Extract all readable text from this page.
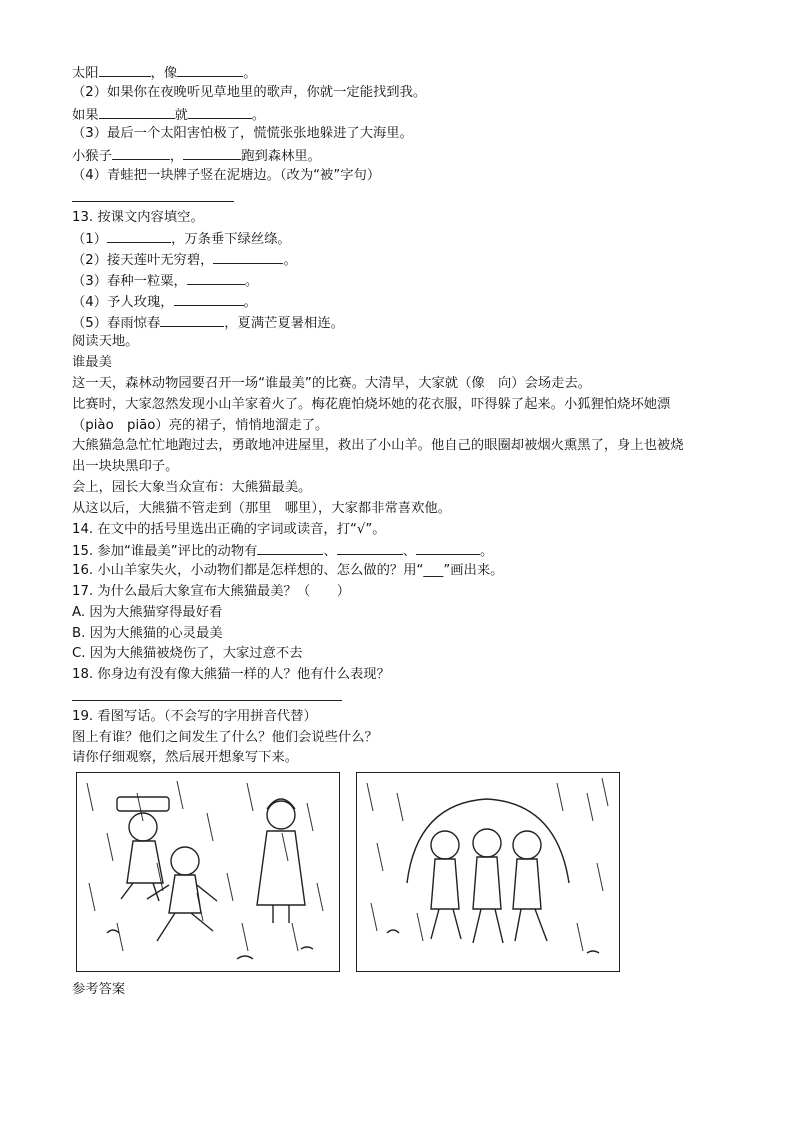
太阳	，像	。
（2）如果你在夜晚听见草地里的歌声，你就一定能找到我。
如果	就	。
（3）最后一个太阳害怕极了，慌慌张张地躲进了大海里。
小猴子	，	跑到森林里。
（4）青蛙把一块牌子竖在泥塘边。（改为“被”字句）
13. 按课文内容填空。
（1）	，万条垂下绿丝绦。
（2）接天莲叶无穷碧，	。
（3）春种一粒粟，	。
（4）予人玫瑰，	。
（5）春雨惊春	，夏满芒夏暑相连。
阅读天地。
谁最美
这一天，森林动物园要召开一场“谁最美”的比赛。大清早，大家就（像　向）会场走去。
比赛时，大家忽然发现小山羊家着火了。梅花鹿怕烧坏她的花衣服，吓得躲了起来。小狐狸怕烧坏她漂
（piào　piāo）亮的裙子，悄悄地溜走了。
大熊猫急急忙忙地跑过去，勇敢地冲进屋里，救出了小山羊。他自己的眼圈却被烟火熏黑了，身上也被烧
出一块块黑印子。
会上，园长大象当众宣布：大熊猫最美。
从这以后，大熊猫不管走到（那里　哪里），大家都非常喜欢他。
14. 在文中的括号里选出正确的字词或读音，打“√”。
15. 参加“谁最美”评比的动物有	、	、	。
16. 小山羊家失火，小动物们都是怎样想的、怎么做的？用“___”画出来。
17. 为什么最后大象宣布大熊猫最美？（　　）
A. 因为大熊猫穿得最好看
B. 因为大熊猫的心灵最美
C. 因为大熊猫被烧伤了，大家过意不去
18. 你身边有没有像大熊猫一样的人？他有什么表现？
19. 看图写话。（不会写的字用拼音代替）
图上有谁？他们之间发生了什么？他们会说些什么？
请你仔细观察，然后展开想象写下来。
参考答案
